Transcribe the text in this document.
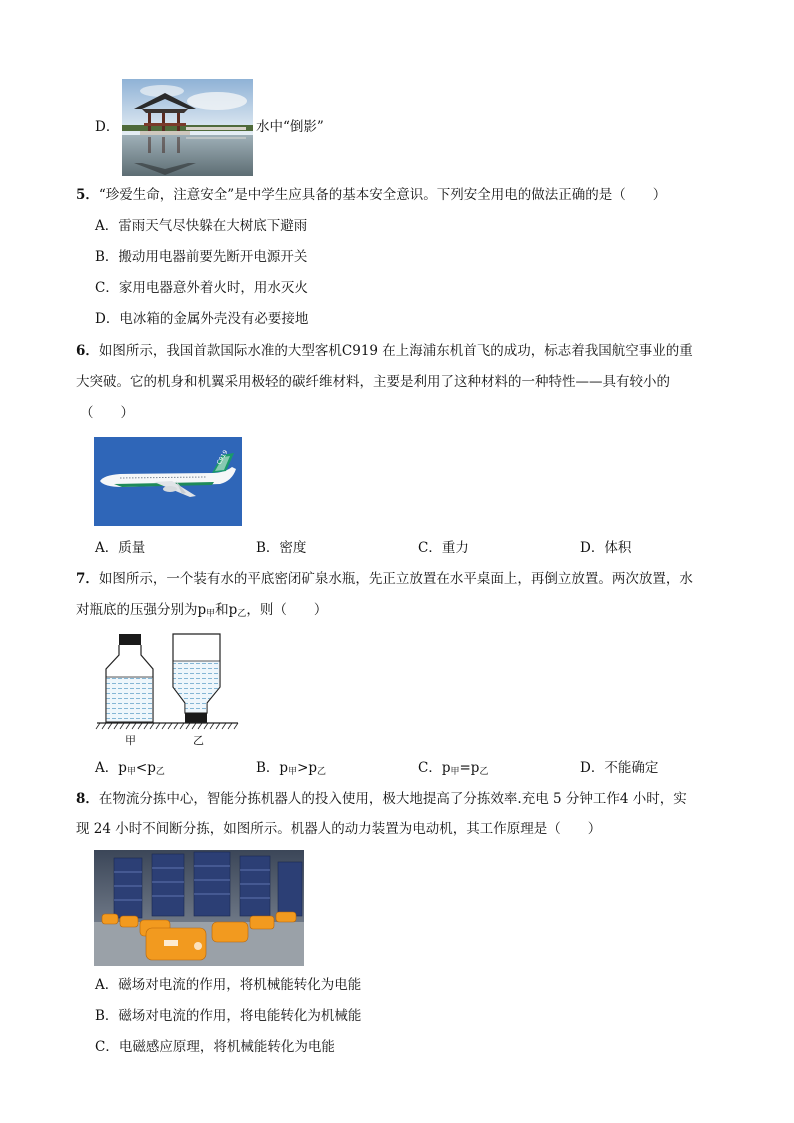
D．	水中“倒影”
5．“珍爱生命，注意安全”是中学生应具备的基本安全意识。下列安全用电的做法正确的是（　　）
A．雷雨天气尽快躲在大树底下避雨
B．搬动用电器前要先断开电源开关
C．家用电器意外着火时，用水灭火
D．电冰箱的金属外壳没有必要接地
6．如图所示，我国首款国际水准的大型客机C919 在上海浦东机首飞的成功，标志着我国航空事业的重
大突破。它的机身和机翼采用极轻的碳纤维材料，主要是利用了这种材料的一种特性——具有较小的
（　　）
C919
A．质量	B．密度	C．重力	D．体积
7．如图所示，一个装有水的平底密闭矿泉水瓶，先正立放置在水平桌面上，再倒立放置。两次放置，水
对瓶底的压强分别为$p_甲$和$p_乙$，则（　　）
甲	乙
A．$p_甲<p_乙$	B．$p_甲>p_乙$	C．$p_甲=p_乙$	D．不能确定
8．在物流分拣中心，智能分拣机器人的投入使用，极大地提高了分拣效率.充电 5 分钟工作4 小时，实
现 24 小时不间断分拣，如图所示。机器人的动力装置为电动机，其工作原理是（　　）
A．磁场对电流的作用，将机械能转化为电能
B．磁场对电流的作用，将电能转化为机械能
C．电磁感应原理，将机械能转化为电能
